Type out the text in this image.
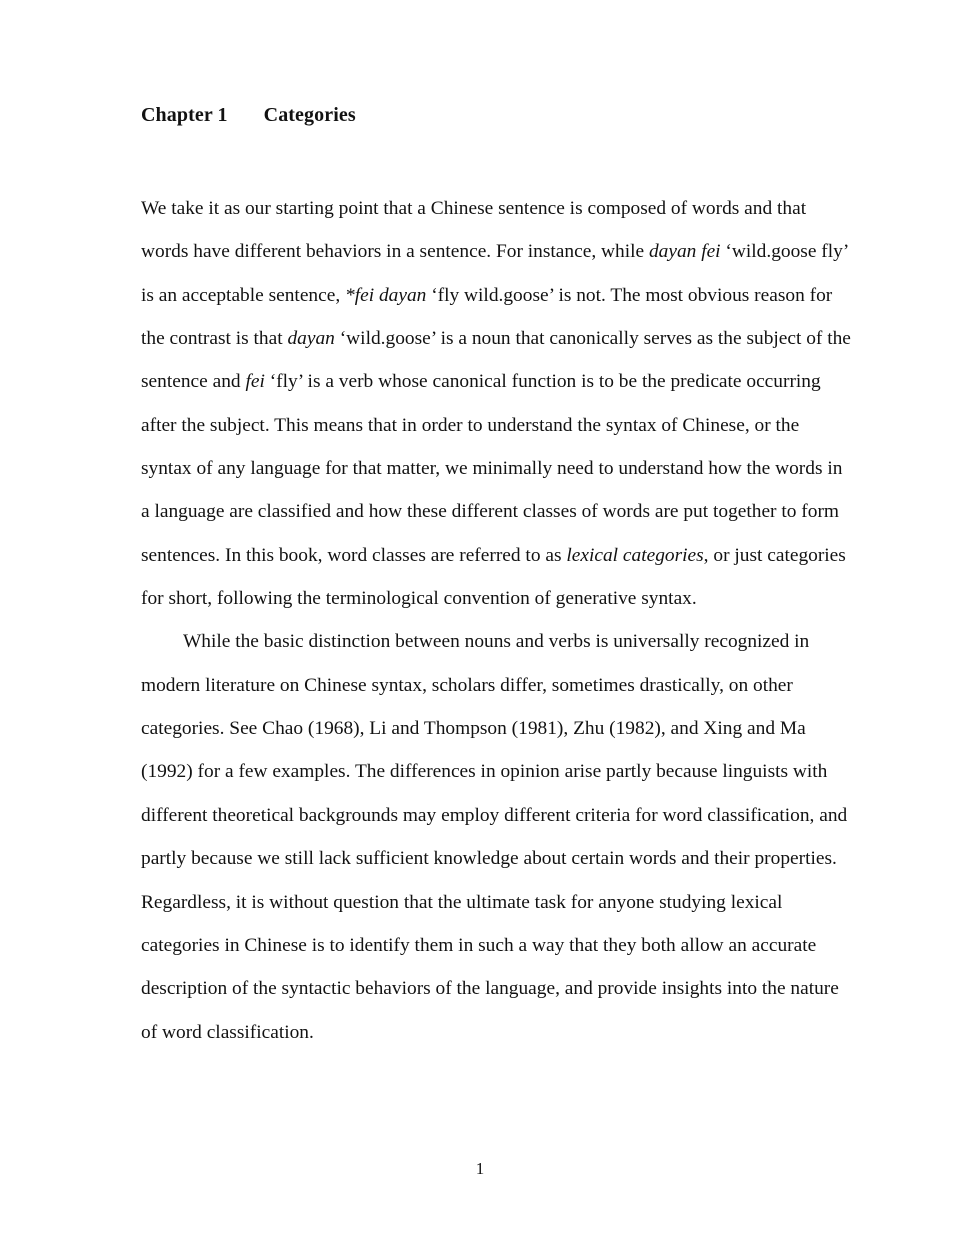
Chapter 1 Categories
We take it as our starting point that a Chinese sentence is composed of words and that
words have different behaviors in a sentence. For instance, while dayan fei ‘wild.goose fly’
is an acceptable sentence, *fei dayan ‘fly wild.goose’ is not. The most obvious reason for
the contrast is that dayan ‘wild.goose’ is a noun that canonically serves as the subject of the
sentence and fei ‘fly’ is a verb whose canonical function is to be the predicate occurring
after the subject. This means that in order to understand the syntax of Chinese, or the
syntax of any language for that matter, we minimally need to understand how the words in
a language are classified and how these different classes of words are put together to form
sentences. In this book, word classes are referred to as lexical categories, or just categories
for short, following the terminological convention of generative syntax.
While the basic distinction between nouns and verbs is universally recognized in
modern literature on Chinese syntax, scholars differ, sometimes drastically, on other
categories. See Chao (1968), Li and Thompson (1981), Zhu (1982), and Xing and Ma
(1992) for a few examples. The differences in opinion arise partly because linguists with
different theoretical backgrounds may employ different criteria for word classification, and
partly because we still lack sufficient knowledge about certain words and their properties.
Regardless, it is without question that the ultimate task for anyone studying lexical
categories in Chinese is to identify them in such a way that they both allow an accurate
description of the syntactic behaviors of the language, and provide insights into the nature
of word classification.
1
